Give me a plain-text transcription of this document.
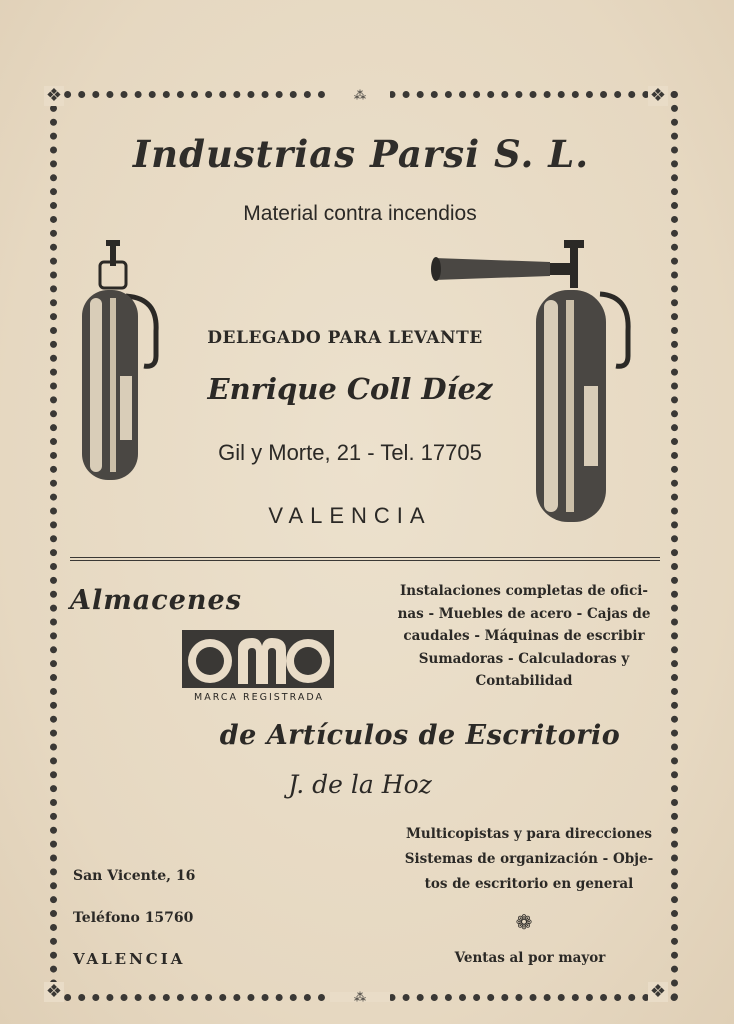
❖	❖
❖	❖
⁂
⁂
Industrias Parsi S. L.
Material contra incendios
DELEGADO PARA LEVANTE
Enrique Coll Díez
Gil y Morte, 21 - Tel. 17705
VALENCIA
Almacenes
MARCA REGISTRADA
Instalaciones completas de ofici-
nas - Muebles de acero - Cajas de
caudales - Máquinas de escribir
Sumadoras - Calculadoras y
Contabilidad
de Artículos de Escritorio
J. de la Hoz
Multicopistas y para direcciones
Sistemas de organización - Obje-
tos de escritorio en general
San Vicente, 16
Teléfono 15760
VALENCIA
❁
Ventas al por mayor
